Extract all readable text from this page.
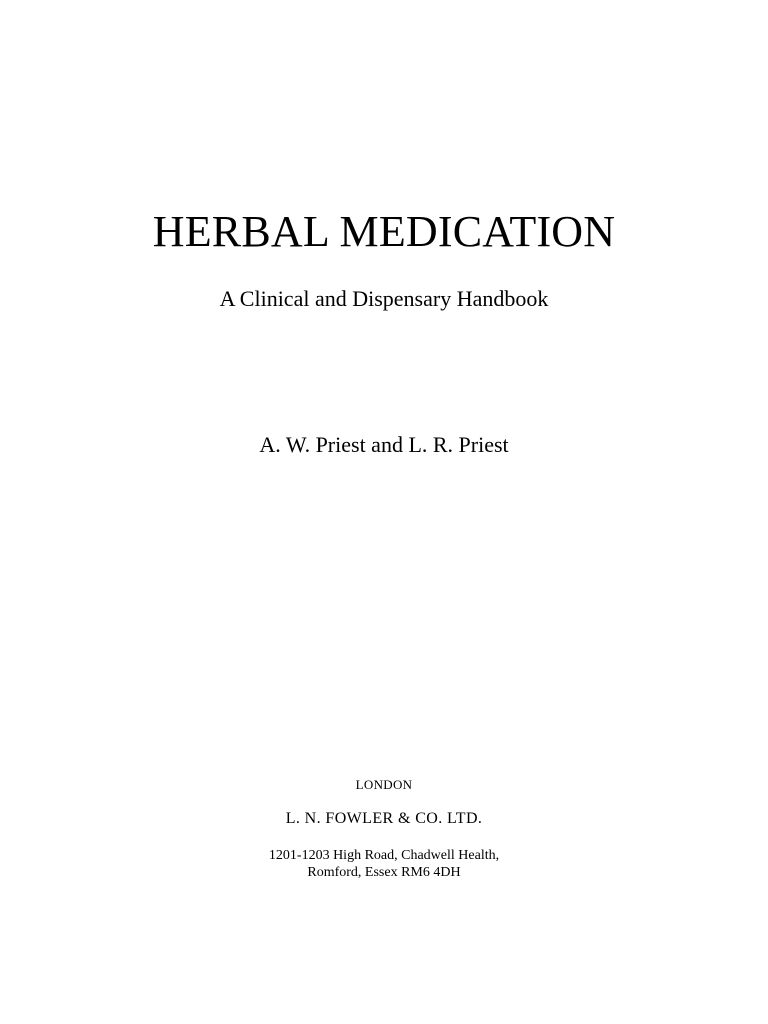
HERBAL MEDICATION
A Clinical and Dispensary Handbook
A. W. Priest and L. R. Priest
LONDON
L. N. FOWLER & CO. LTD.
1201-1203 High Road, Chadwell Health,
Romford, Essex RM6 4DH
